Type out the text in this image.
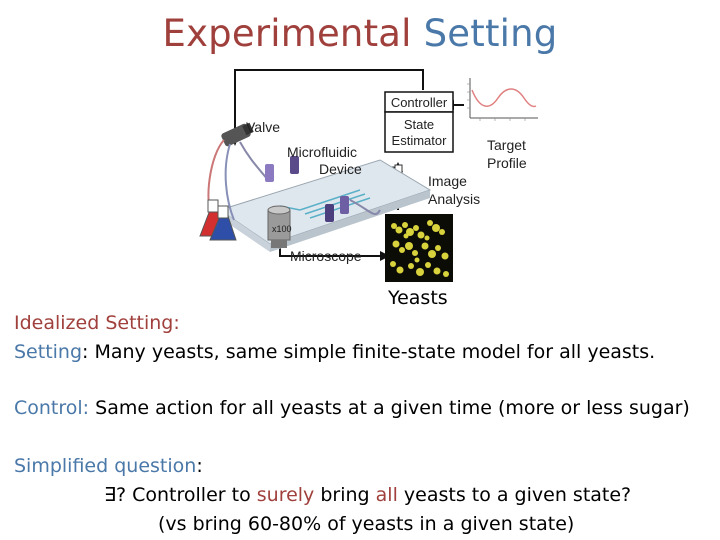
Experimental Setting
Controller
State
Estimator	Target
Profile
Image
Analysis
x100
Valve
Microfluidic
Device
Microscope
Yeasts
Idealized Setting:
Setting: Many yeasts, same simple finite-state model for all yeasts.
Control: Same action for all yeasts at a given time (more or less sugar)
Simplified question:
∃? Controller to surely bring all yeasts to a given state?
(vs bring 60-80% of yeasts in a given state)
